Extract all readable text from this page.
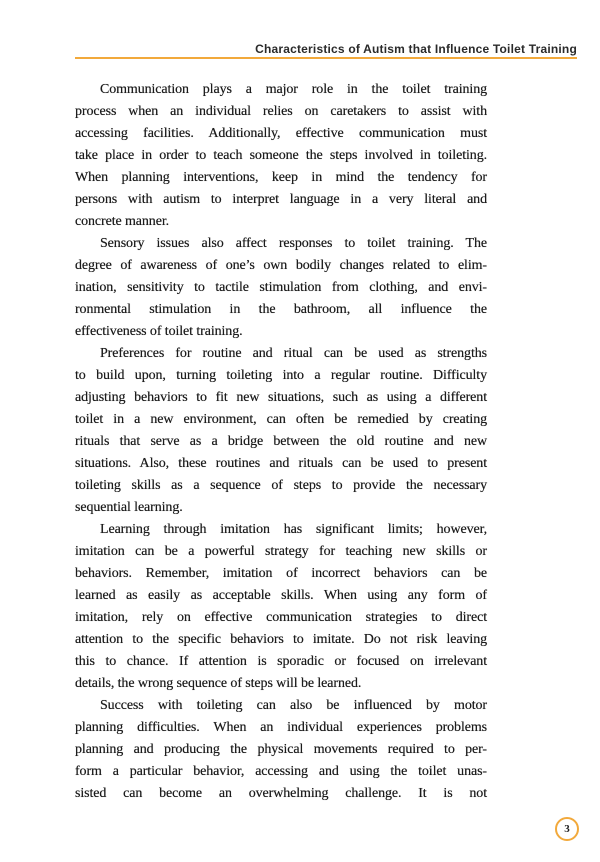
Characteristics of Autism that Influence Toilet Training
Communication plays a major role in the toilet training
process when an individual relies on caretakers to assist with
accessing facilities. Additionally, effective communication must
take place in order to teach someone the steps involved in toileting.
When planning interventions, keep in mind the tendency for
persons with autism to interpret language in a very literal and
concrete manner.
Sensory issues also affect responses to toilet training. The
degree of awareness of one’s own bodily changes related to elim-
ination, sensitivity to tactile stimulation from clothing, and envi-
ronmental stimulation in the bathroom, all influence the
effectiveness of toilet training.
Preferences for routine and ritual can be used as strengths
to build upon, turning toileting into a regular routine. Difficulty
adjusting behaviors to fit new situations, such as using a different
toilet in a new environment, can often be remedied by creating
rituals that serve as a bridge between the old routine and new
situations. Also, these routines and rituals can be used to present
toileting skills as a sequence of steps to provide the necessary
sequential learning.
Learning through imitation has significant limits; however,
imitation can be a powerful strategy for teaching new skills or
behaviors. Remember, imitation of incorrect behaviors can be
learned as easily as acceptable skills. When using any form of
imitation, rely on effective communication strategies to direct
attention to the specific behaviors to imitate. Do not risk leaving
this to chance. If attention is sporadic or focused on irrelevant
details, the wrong sequence of steps will be learned.
Success with toileting can also be influenced by motor
planning difficulties. When an individual experiences problems
planning and producing the physical movements required to per-
form a particular behavior, accessing and using the toilet unas-
sisted can become an overwhelming challenge. It is not
3
